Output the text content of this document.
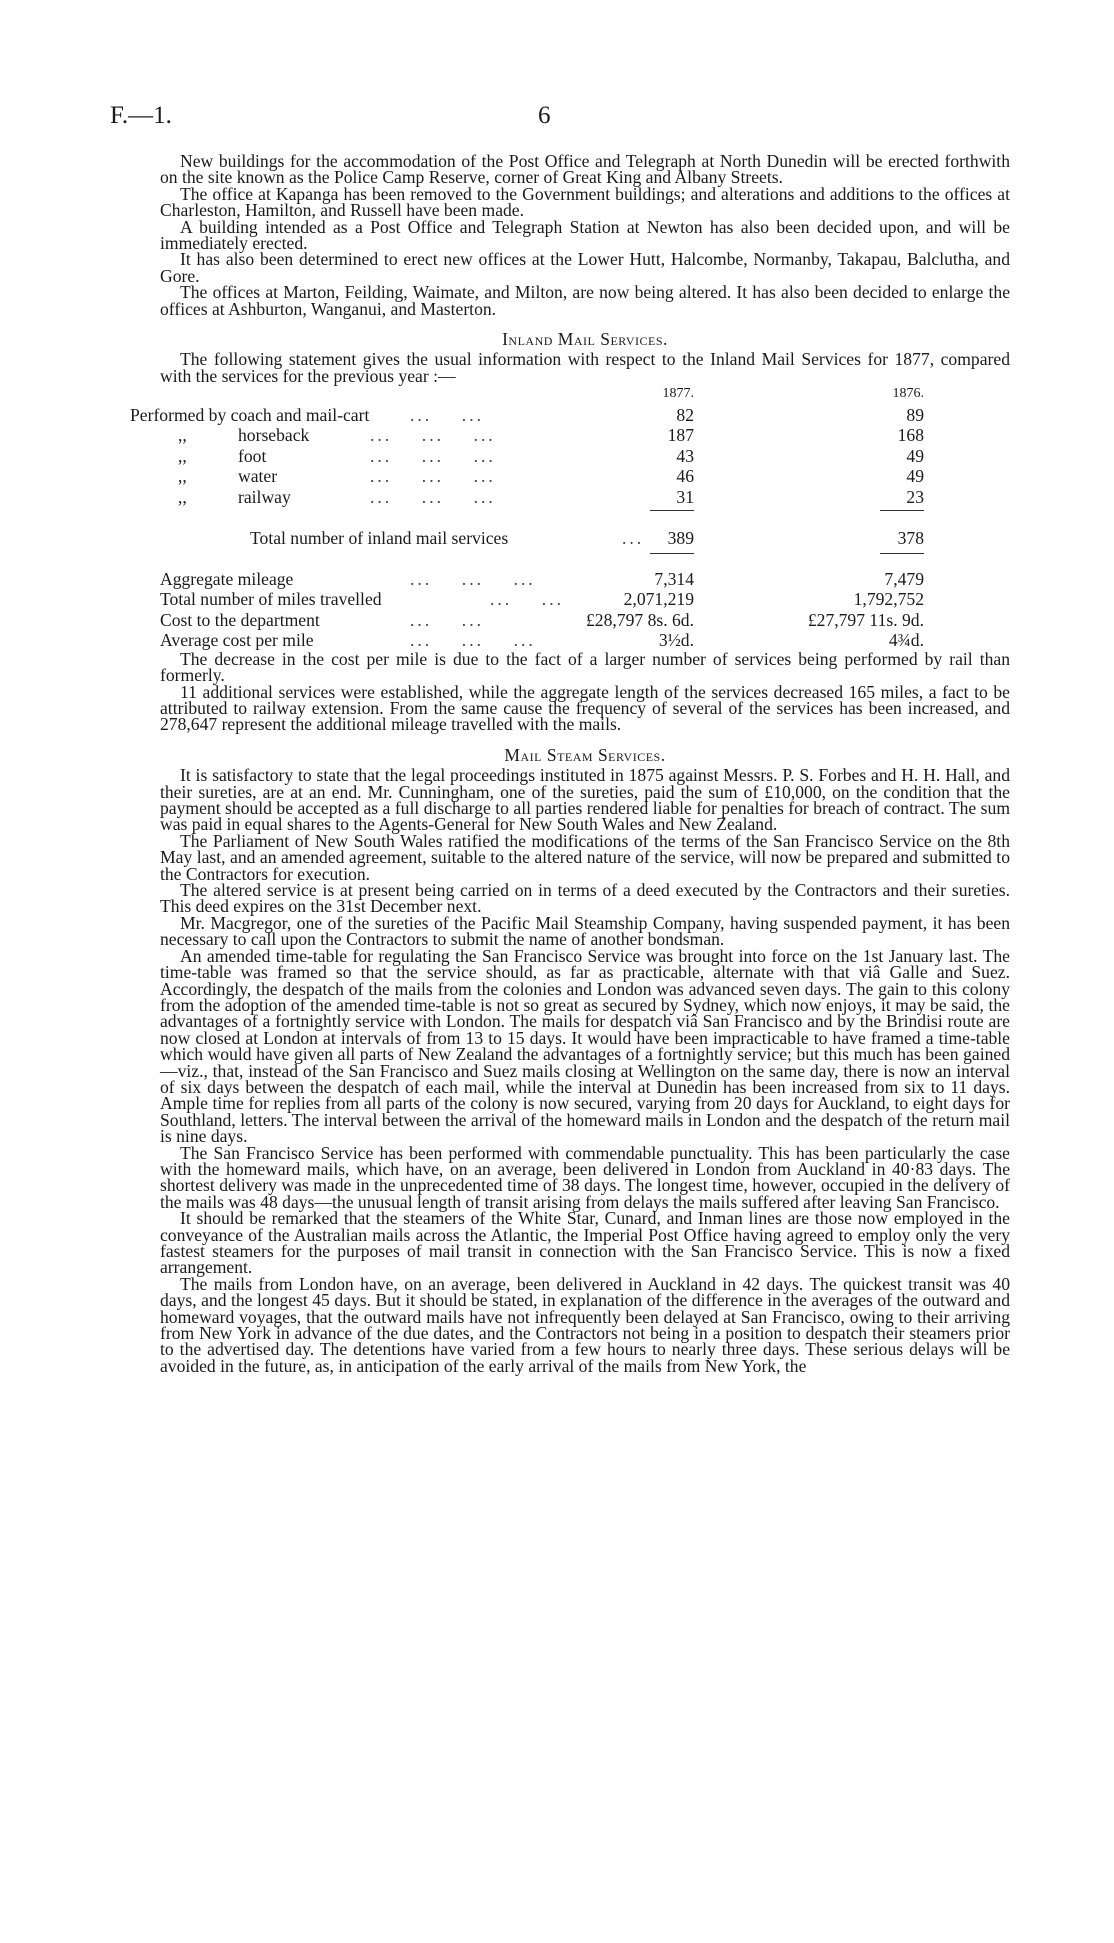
F.—1.	6

New buildings for the accommodation of the Post Office and Telegraph at North Dunedin will be erected forthwith on the site known as the Police Camp Reserve, corner of Great King and Albany Streets.

The office at Kapanga has been removed to the Government buildings; and alterations and additions to the offices at Charleston, Hamilton, and Russell have been made.

A building intended as a Post Office and Telegraph Station at Newton has also been decided upon, and will be immediately erected.

It has also been determined to erect new offices at the Lower Hutt, Halcombe, Normanby, Takapau, Balclutha, and Gore.

The offices at Marton, Feilding, Waimate, and Milton, are now being altered. It has also been decided to enlarge the offices at Ashburton, Wanganui, and Masterton.

Inland Mail Services.

The following statement gives the usual information with respect to the Inland Mail Services for 1877, compared with the services for the previous year :—

1877.	1876.
Performed by coach and mail-cart ...    ...	82	89
,,	horseback	...    ...    ...	187	168
,,	foot	...    ...    ...	43	49
,,	water	...    ...    ...	46	49
,,	railway	...    ...    ...	31	23
Total number of inland mail services	... 389	378
Aggregate mileage	...    ...    ...	7,314	7,479
Total number of miles travelled	...    ...	2,071,219	1,792,752
Cost to the department	...    ...	£28,797 8s. 6d.	£27,797 11s. 9d.
Average cost per mile	...    ...    ...	3½d.	4¾d.

The decrease in the cost per mile is due to the fact of a larger number of services being performed by rail than formerly.

11 additional services were established, while the aggregate length of the services decreased 165 miles, a fact to be attributed to railway extension. From the same cause the frequency of several of the services has been increased, and 278,647 represent the additional mileage travelled with the mails.

Mail Steam Services.

It is satisfactory to state that the legal proceedings instituted in 1875 against Messrs. P. S. Forbes and H. H. Hall, and their sureties, are at an end. Mr. Cunningham, one of the sureties, paid the sum of £10,000, on the condition that the payment should be accepted as a full discharge to all parties rendered liable for penalties for breach of contract. The sum was paid in equal shares to the Agents-General for New South Wales and New Zealand.

The Parliament of New South Wales ratified the modifications of the terms of the San Francisco Service on the 8th May last, and an amended agreement, suitable to the altered nature of the service, will now be prepared and submitted to the Contractors for execution.

The altered service is at present being carried on in terms of a deed executed by the Contractors and their sureties. This deed expires on the 31st December next.

Mr. Macgregor, one of the sureties of the Pacific Mail Steamship Company, having suspended payment, it has been necessary to call upon the Contractors to submit the name of another bondsman.

An amended time-table for regulating the San Francisco Service was brought into force on the 1st January last. The time-table was framed so that the service should, as far as practicable, alternate with that viâ Galle and Suez. Accordingly, the despatch of the mails from the colonies and London was advanced seven days. The gain to this colony from the adoption of the amended time-table is not so great as secured by Sydney, which now enjoys, it may be said, the advantages of a fortnightly service with London. The mails for despatch viâ San Francisco and by the Brindisi route are now closed at London at intervals of from 13 to 15 days. It would have been impracticable to have framed a time-table which would have given all parts of New Zealand the advantages of a fortnightly service; but this much has been gained—viz., that, instead of the San Francisco and Suez mails closing at Wellington on the same day, there is now an interval of six days between the despatch of each mail, while the interval at Dunedin has been increased from six to 11 days. Ample time for replies from all parts of the colony is now secured, varying from 20 days for Auckland, to eight days for Southland, letters. The interval between the arrival of the homeward mails in London and the despatch of the return mail is nine days.

The San Francisco Service has been performed with commendable punctuality. This has been particularly the case with the homeward mails, which have, on an average, been delivered in London from Auckland in 40·83 days. The shortest delivery was made in the unprecedented time of 38 days. The longest time, however, occupied in the delivery of the mails was 48 days—the unusual length of transit arising from delays the mails suffered after leaving San Francisco.

It should be remarked that the steamers of the White Star, Cunard, and Inman lines are those now employed in the conveyance of the Australian mails across the Atlantic, the Imperial Post Office having agreed to employ only the very fastest steamers for the purposes of mail transit in connection with the San Francisco Service. This is now a fixed arrangement.

The mails from London have, on an average, been delivered in Auckland in 42 days. The quickest transit was 40 days, and the longest 45 days. But it should be stated, in explanation of the difference in the averages of the outward and homeward voyages, that the outward mails have not infrequently been delayed at San Francisco, owing to their arriving from New York in advance of the due dates, and the Contractors not being in a position to despatch their steamers prior to the advertised day. The detentions have varied from a few hours to nearly three days. These serious delays will be avoided in the future, as, in anticipation of the early arrival of the mails from New York, the
